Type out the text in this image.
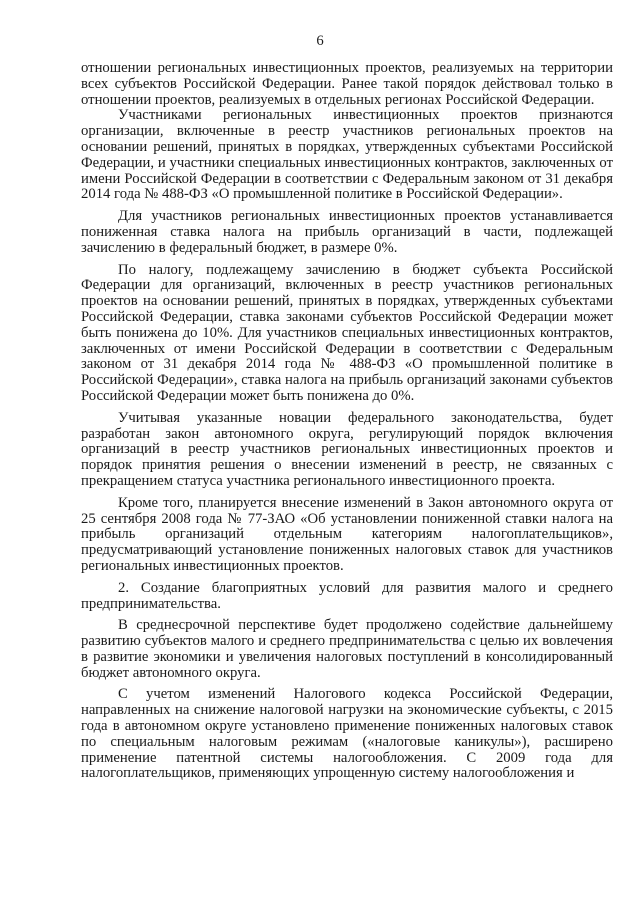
6

отношении региональных инвестиционных проектов, реализуемых на территории всех субъектов Российской Федерации. Ранее такой порядок действовал только в отношении проектов, реализуемых в отдельных регионах Российской Федерации.

Участниками региональных инвестиционных проектов признаются организации, включенные в реестр участников региональных проектов на основании решений, принятых в порядках, утвержденных субъектами Российской Федерации, и участники специальных инвестиционных контрактов, заключенных от имени Российской Федерации в соответствии с Федеральным законом от 31 декабря 2014 года № 488-ФЗ «О промышленной политике в Российской Федерации».

Для участников региональных инвестиционных проектов устанавливается пониженная ставка налога на прибыль организаций в части, подлежащей зачислению в федеральный бюджет, в размере 0%.

По налогу, подлежащему зачислению в бюджет субъекта Российской Федерации для организаций, включенных в реестр участников региональных проектов на основании решений, принятых в порядках, утвержденных субъектами Российской Федерации, ставка законами субъектов Российской Федерации может быть понижена до 10%. Для участников специальных инвестиционных контрактов, заключенных от имени Российской Федерации в соответствии с Федеральным законом от 31 декабря 2014 года № 488-ФЗ «О промышленной политике в Российской Федерации», ставка налога на прибыль организаций законами субъектов Российской Федерации может быть понижена до 0%.

Учитывая указанные новации федерального законодательства, будет разработан закон автономного округа, регулирующий порядок включения организаций в реестр участников региональных инвестиционных проектов и порядок принятия решения о внесении изменений в реестр, не связанных с прекращением статуса участника регионального инвестиционного проекта.

Кроме того, планируется внесение изменений в Закон автономного округа от 25 сентября 2008 года № 77-ЗАО «Об установлении пониженной ставки налога на прибыль организаций отдельным категориям налогоплательщиков», предусматривающий установление пониженных налоговых ставок для участников региональных инвестиционных проектов.

2. Создание благоприятных условий для развития малого и среднего предпринимательства.

В среднесрочной перспективе будет продолжено содействие дальнейшему развитию субъектов малого и среднего предпринимательства с целью их вовлечения в развитие экономики и увеличения налоговых поступлений в консолидированный бюджет автономного округа.

С учетом изменений Налогового кодекса Российской Федерации, направленных на снижение налоговой нагрузки на экономические субъекты, с 2015 года в автономном округе установлено применение пониженных налоговых ставок по специальным налоговым режимам («налоговые каникулы»), расширено применение патентной системы налогообложения. С 2009 года для налогоплательщиков, применяющих упрощенную систему налогообложения и
